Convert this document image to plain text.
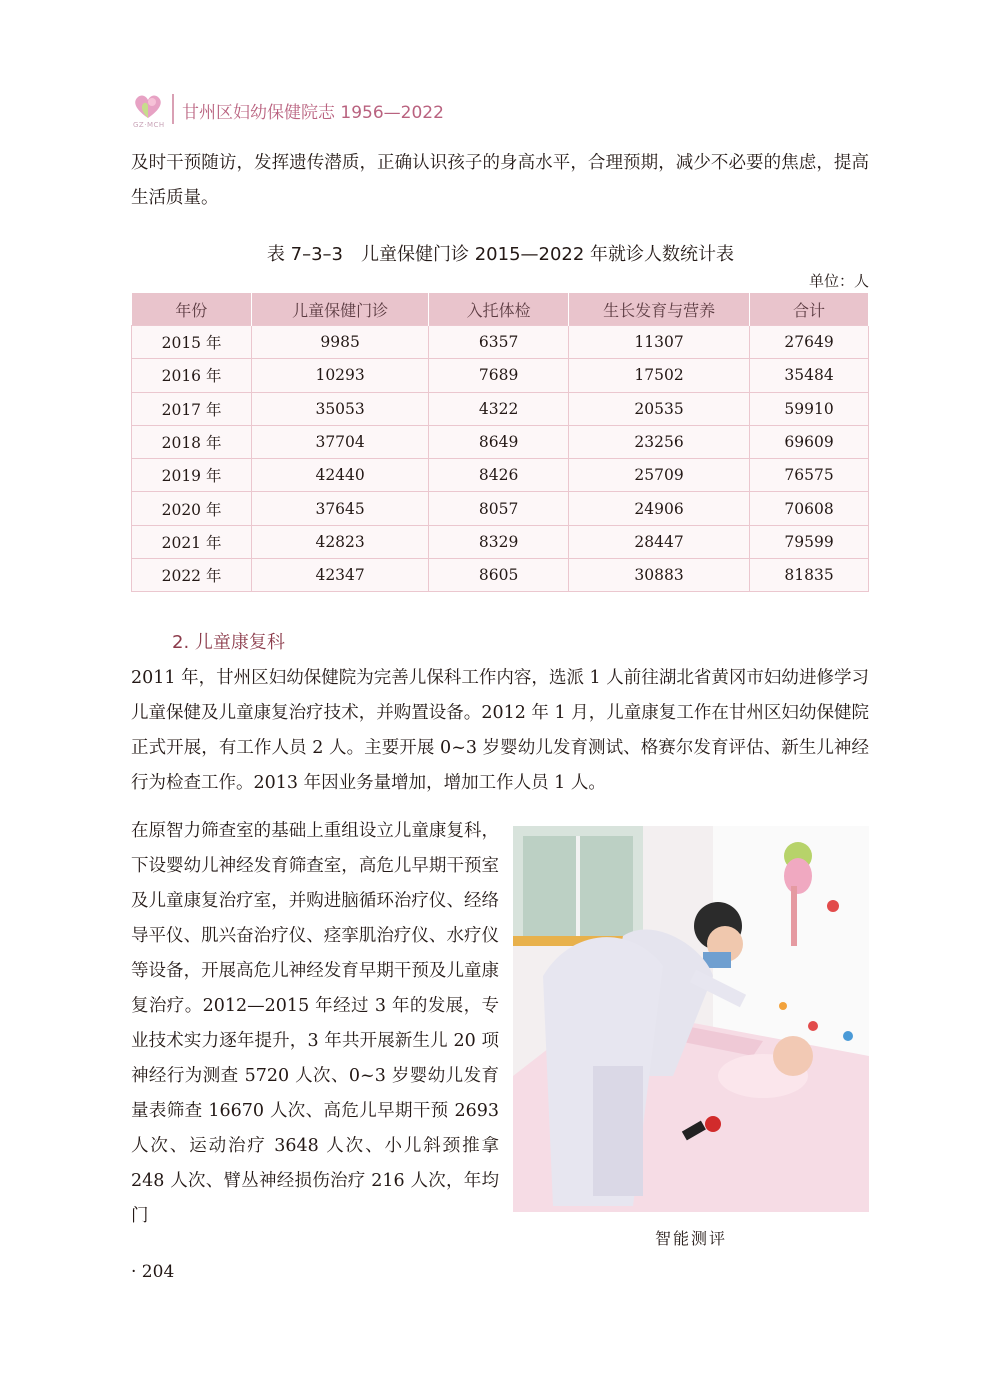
GZ·MCH
甘州区妇幼保健院志 1956—2022

及时干预随访，发挥遗传潜质，正确认识孩子的身高水平，合理预期，减少不必要的焦虑，提高生活质量。

表 7–3–3　儿童保健门诊 2015—2022 年就诊人数统计表
单位：人
年份	儿童保健门诊	入托体检	生长发育与营养	合计
2015 年	9985	6357	11307	27649
2016 年	10293	7689	17502	35484
2017 年	35053	4322	20535	59910
2018 年	37704	8649	23256	69609
2019 年	42440	8426	25709	76575
2020 年	37645	8057	24906	70608
2021 年	42823	8329	28447	79599
2022 年	42347	8605	30883	81835
2. 儿童康复科

2011 年，甘州区妇幼保健院为完善儿保科工作内容，选派 1 人前往湖北省黄冈市妇幼进修学习儿童保健及儿童康复治疗技术，并购置设备。2012 年 1 月，儿童康复工作在甘州区妇幼保健院正式开展，有工作人员 2 人。主要开展 0~3 岁婴幼儿发育测试、格赛尔发育评估、新生儿神经行为检查工作。2013 年因业务量增加，增加工作人员 1 人。

在原智力筛查室的基础上重组设立儿童康复科，下设婴幼儿神经发育筛查室，高危儿早期干预室及儿童康复治疗室，并购进脑循环治疗仪、经络导平仪、肌兴奋治疗仪、痉挛肌治疗仪、水疗仪等设备，开展高危儿神经发育早期干预及儿童康复治疗。2012—2015 年经过 3 年的发展，专业技术实力逐年提升，3 年共开展新生儿 20 项神经行为测查 5720 人次、0~3 岁婴幼儿发育量表筛查 16670 人次、高危儿早期干预 2693 人次、运动治疗 3648 人次、小儿斜颈推拿 248 人次、臂丛神经损伤治疗 216 人次，年均门

智能测评
· 204
